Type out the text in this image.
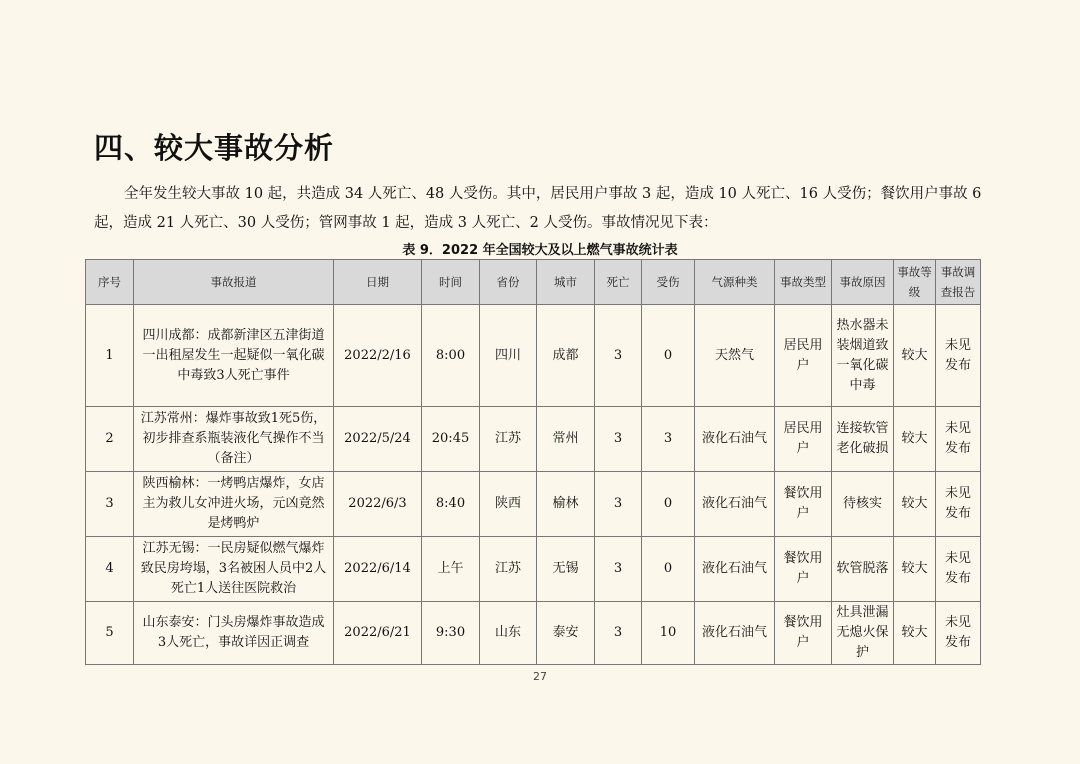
四、较大事故分析

全年发生较大事故 10 起，共造成 34 人死亡、48 人受伤。其中，居民用户事故 3 起，造成 10 人死亡、16 人受伤；餐饮用户事故 6
起，造成 21 人死亡、30 人受伤；管网事故 1 起，造成 3 人死亡、2 人受伤。事故情况见下表：

表 9．2022 年全国较大及以上燃气事故统计表
序号	事故报道	日期	时间	省份	城市	死亡	受伤	气源种类	事故类型	事故原因	事故等级	事故调查报告
1	四川成都：成都新津区五津街道一出租屋发生一起疑似一氧化碳中毒致3人死亡事件	2022/2/16	8:00	四川	成都	3	0	天然气	居民用户	热水器未装烟道致一氧化碳中毒	较大	未见发布
2	江苏常州：爆炸事故致1死5伤，初步排查系瓶装液化气操作不当（备注）	2022/5/24	20:45	江苏	常州	3	3	液化石油气	居民用户	连接软管老化破损	较大	未见发布
3	陕西榆林：一烤鸭店爆炸，女店主为救儿女冲进火场，元凶竟然是烤鸭炉	2022/6/3	8:40	陕西	榆林	3	0	液化石油气	餐饮用户	待核实	较大	未见发布
4	江苏无锡：一民房疑似燃气爆炸致民房垮塌，3名被困人员中2人死亡1人送往医院救治	2022/6/14	上午	江苏	无锡	3	0	液化石油气	餐饮用户	软管脱落	较大	未见发布
5	山东泰安：门头房爆炸事故造成3人死亡，事故详因正调查	2022/6/21	9:30	山东	泰安	3	10	液化石油气	餐饮用户	灶具泄漏无熄火保护	较大	未见发布
27
